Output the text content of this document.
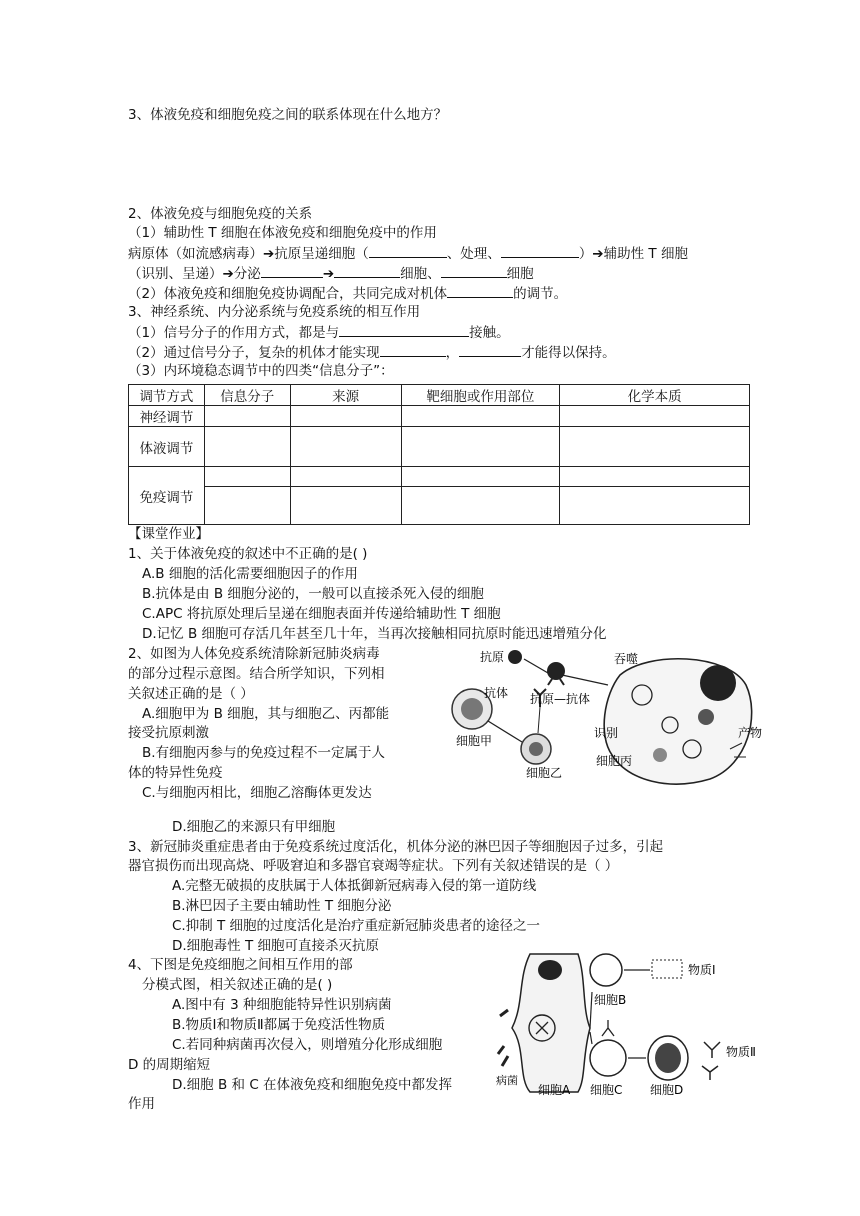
3、体液免疫和细胞免疫之间的联系体现在什么地方？
2、体液免疫与细胞免疫的关系
（1）辅助性 T 细胞在体液免疫和细胞免疫中的作用
病原体（如流感病毒）➔抗原呈递细胞（	、处理、	）➔辅助性 T 细胞
（识别、呈递）➔分泌	➔	细胞、	细胞
（2）体液免疫和细胞免疫协调配合，共同完成对机体	的调节。
3、神经系统、内分泌系统与免疫系统的相互作用
（1）信号分子的作用方式，都是与	接触。
（2）通过信号分子，复杂的机体才能实现	，	才能得以保持。
（3）内环境稳态调节中的四类“信息分子”：
调节方式	信息分子	来源	靶细胞或作用部位	化学本质
神经调节				
体液调节				
免疫调节				

【课堂作业】
1、关于体液免疫的叙述中不正确的是( )
A.B 细胞的活化需要细胞因子的作用
B.抗体是由 B 细胞分泌的，一般可以直接杀死入侵的细胞
C.APC 将抗原处理后呈递在细胞表面并传递给辅助性 T 细胞
D.记忆 B 细胞可存活几年甚至几十年，当再次接触相同抗原时能迅速增殖分化
2、如图为人体免疫系统清除新冠肺炎病毒
的部分过程示意图。结合所学知识，下列相
关叙述正确的是（ ）
A.细胞甲为 B 细胞，其与细胞乙、丙都能
接受抗原刺激
B.有细胞丙参与的免疫过程不一定属于人
体的特异性免疫
C.与细胞丙相比，细胞乙溶酶体更发达
D.细胞乙的来源只有甲细胞
抗原
抗体 抗原—抗体
吞噬
识别
细胞甲
细胞乙
细胞丙
产物
3、新冠肺炎重症患者由于免疫系统过度活化，机体分泌的淋巴因子等细胞因子过多，引起
器官损伤而出现高烧、呼吸窘迫和多器官衰竭等症状。下列有关叙述错误的是（ ）
A.完整无破损的皮肤属于人体抵御新冠病毒入侵的第一道防线
B.淋巴因子主要由辅助性 T 细胞分泌
C.抑制 T 细胞的过度活化是治疗重症新冠肺炎患者的途径之一
D.细胞毒性 T 细胞可直接杀灭抗原
4、下图是免疫细胞之间相互作用的部
分模式图，相关叙述正确的是( )
A.图中有 3 种细胞能特异性识别病菌
B.物质Ⅰ和物质Ⅱ都属于免疫活性物质
C.若同种病菌再次侵入，则增殖分化形成细胞
D 的周期缩短
D.细胞 B 和 C 在体液免疫和细胞免疫中都发挥
作用
物质Ⅰ
细胞B
物质Ⅱ
病菌
细胞A 细胞C 细胞D
